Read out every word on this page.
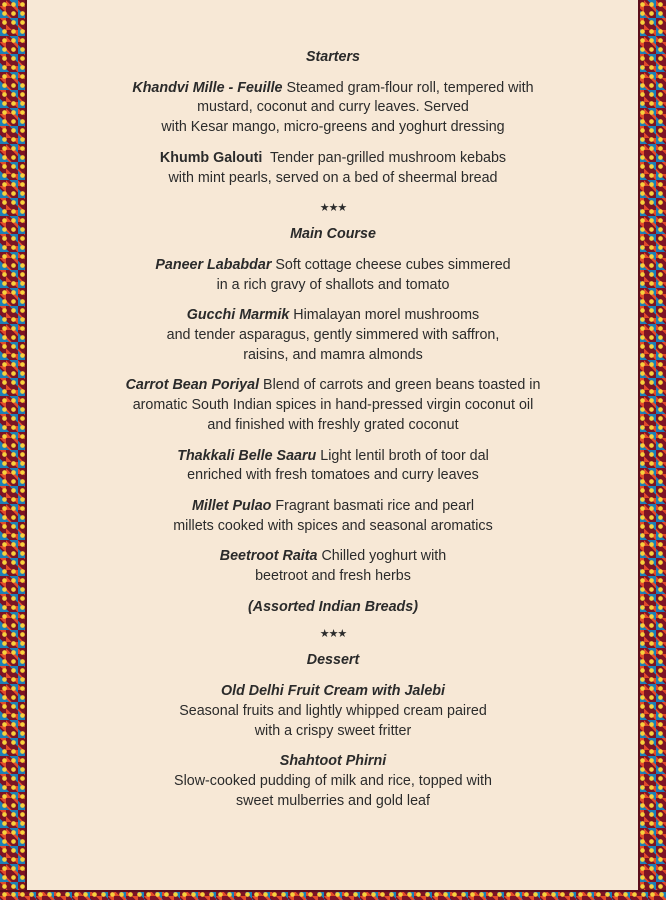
Starters
Khandvi Mille - Feuille Steamed gram-flour roll, tempered with
mustard, coconut and curry leaves. Served
with Kesar mango, micro-greens and yoghurt dressing
Khumb Galouti  Tender pan-grilled mushroom kebabs
with mint pearls, served on a bed of sheermal bread
★★★
Main Course
Paneer Lababdar Soft cottage cheese cubes simmered
in a rich gravy of shallots and tomato
Gucchi Marmik Himalayan morel mushrooms
and tender asparagus, gently simmered with saffron,
raisins, and mamra almonds
Carrot Bean Poriyal Blend of carrots and green beans toasted in
aromatic South Indian spices in hand-pressed virgin coconut oil
and finished with freshly grated coconut
Thakkali Belle Saaru Light lentil broth of toor dal
enriched with fresh tomatoes and curry leaves
Millet Pulao Fragrant basmati rice and pearl
millets cooked with spices and seasonal aromatics
Beetroot Raita Chilled yoghurt with
beetroot and fresh herbs
(Assorted Indian Breads)
★★★
Dessert
Old Delhi Fruit Cream with Jalebi
Seasonal fruits and lightly whipped cream paired
with a crispy sweet fritter
Shahtoot Phirni
Slow-cooked pudding of milk and rice, topped with
sweet mulberries and gold leaf
